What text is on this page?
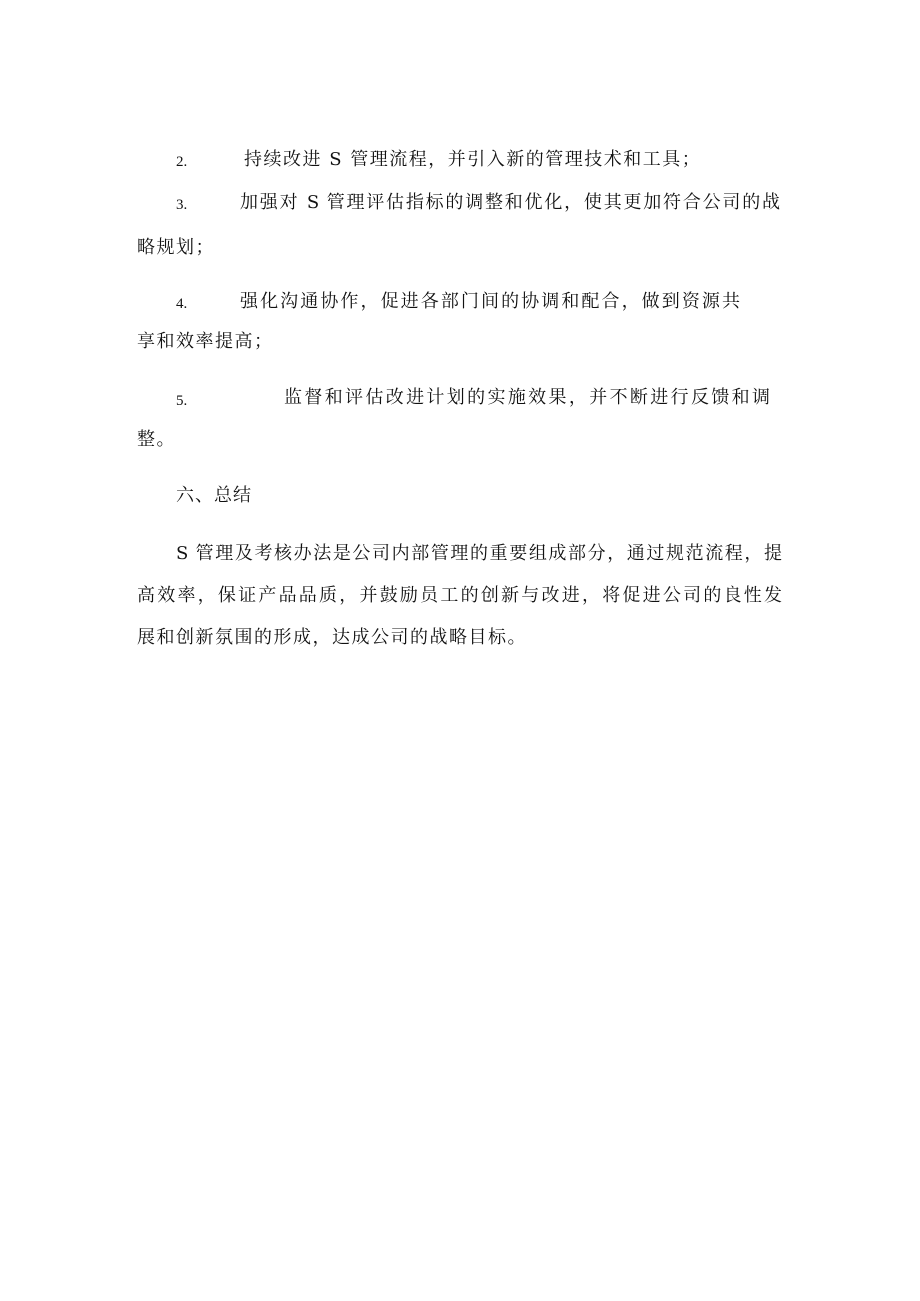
2.	持续改进 S 管理流程，并引入新的管理技术和工具；
3.	加强对 S 管理评估指标的调整和优化，使其更加符合公司的战
略规划；
4.	强化沟通协作，促进各部门间的协调和配合，做到资源共
享和效率提高；
5.	监督和评估改进计划的实施效果，并不断进行反馈和调
整。
六、总结
S 管理及考核办法是公司内部管理的重要组成部分，通过规范流程，提
高效率，保证产品品质，并鼓励员工的创新与改进，将促进公司的良性发
展和创新氛围的形成，达成公司的战略目标。
